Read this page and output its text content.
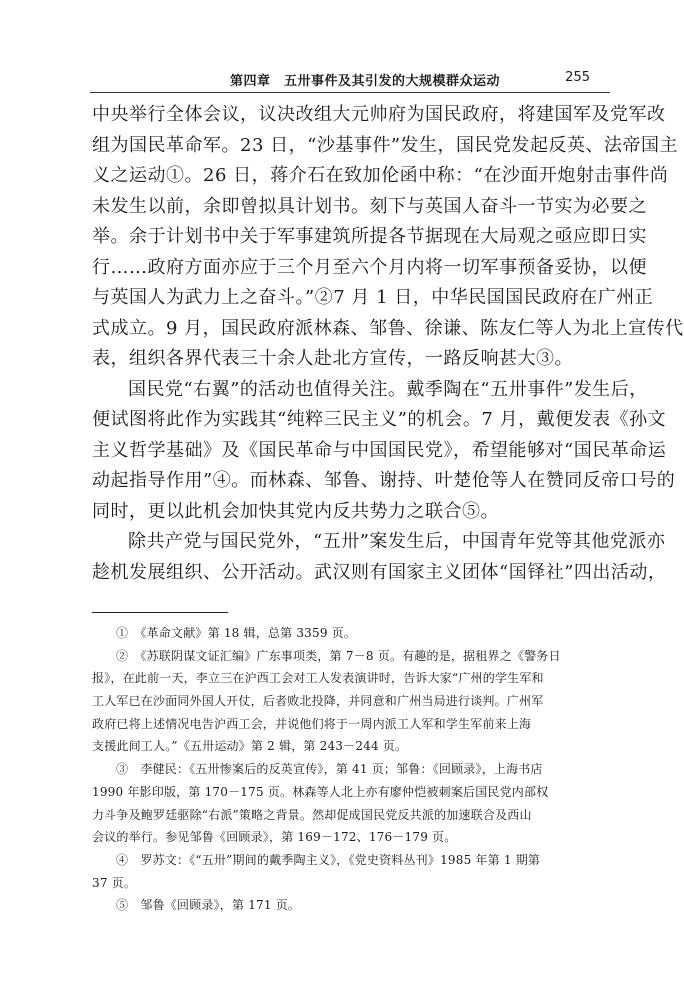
第四章　五卅事件及其引发的大规模群众运动	255
中央举行全体会议，议决改组大元帅府为国民政府，将建国军及党军改
组为国民革命军。23 日，“沙基事件”发生，国民党发起反英、法帝国主
义之运动①。26 日，蒋介石在致加伦函中称：“在沙面开炮射击事件尚
未发生以前，余即曾拟具计划书。刻下与英国人奋斗一节实为必要之
举。余于计划书中关于军事建筑所提各节据现在大局观之亟应即日实
行……政府方面亦应于三个月至六个月内将一切军事预备妥协，以便
与英国人为武力上之奋斗。”②7 月 1 日，中华民国国民政府在广州正
式成立。9 月，国民政府派林森、邹鲁、徐谦、陈友仁等人为北上宣传代
表，组织各界代表三十余人赴北方宣传，一路反响甚大③。
国民党“右翼”的活动也值得关注。戴季陶在“五卅事件”发生后，
便试图将此作为实践其“纯粹三民主义”的机会。7 月，戴便发表《孙文
主义哲学基础》及《国民革命与中国国民党》，希望能够对“国民革命运
动起指导作用”④。而林森、邹鲁、谢持、叶楚伧等人在赞同反帝口号的
同时，更以此机会加快其党内反共势力之联合⑤。
除共产党与国民党外，“五卅”案发生后，中国青年党等其他党派亦
趁机发展组织、公开活动。武汉则有国家主义团体“国铎社”四出活动，
①　《革命文献》第 18 辑，总第 3359 页。
②　《苏联阴谋文证汇编》广东事项类，第 7－8 页。有趣的是，据租界之《警务日
报》，在此前一天，李立三在沪西工会对工人发表演讲时，告诉大家“广州的学生军和
工人军已在沙面同外国人开仗，后者败北投降，并同意和广州当局进行谈判。广州军
政府已将上述情况电告沪西工会，并说他们将于一周内派工人军和学生军前来上海
支援此间工人。”《五卅运动》第 2 辑，第 243－244 页。
③　李健民：《五卅惨案后的反英宣传》，第 41 页；邹鲁：《回顾录》，上海书店
1990 年影印版，第 170－175 页。林森等人北上亦有廖仲恺被刺案后国民党内部权
力斗争及鲍罗廷驱除“右派”策略之背景。然却促成国民党反共派的加速联合及西山
会议的举行。参见邹鲁《回顾录》，第 169－172、176－179 页。
④　罗苏文：《“五卅”期间的戴季陶主义》，《党史资料丛刊》1985 年第 1 期第
37 页。
⑤　邹鲁《回顾录》，第 171 页。
